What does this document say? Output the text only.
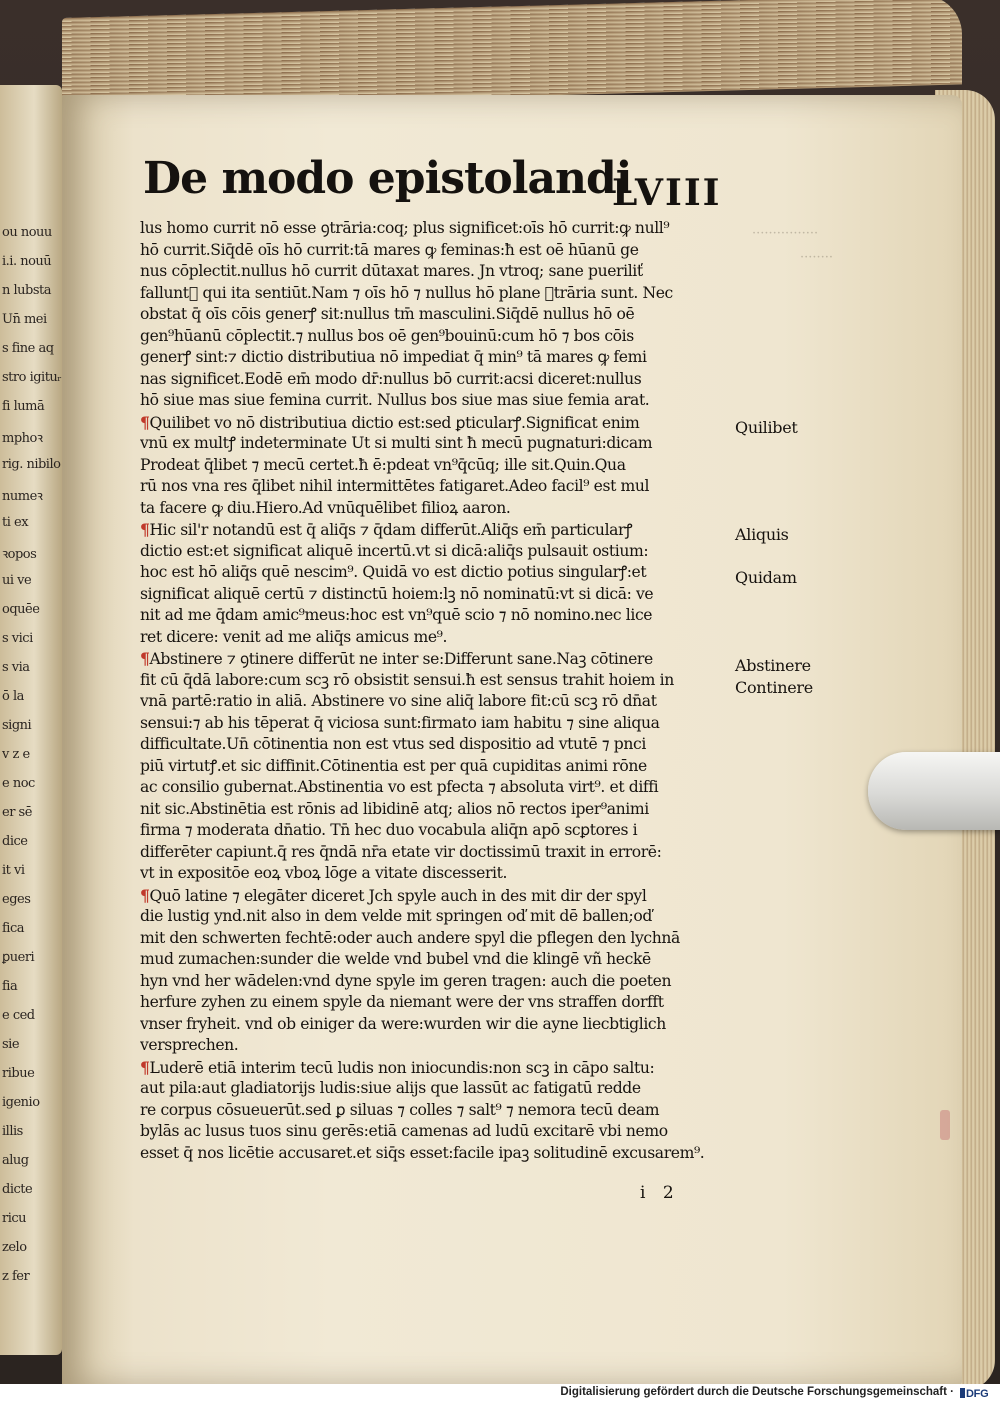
ou nouu
i.i. nouū
n lubsta
Un̄ mei
s fine aq
stro igituᵣ
fi lumā
mphoꝛ
rig. nibilo
numeꝛ
ti ex
ꝛopos
ui ve
oquēe
s vici
s via
ō la
signi
v z e
e noc
er sē
dice
it vi
eges
fica
ꝑueri
fia
e ced
sie
ribue
igenio
illis
alug
dicte
ricu
zelo
z fer
················
········
De modo epistolandi
LVIII
lus homo currit nō esse ꝯtrāria:coq; plus significet:oīs hō currit:ꝙ null⁹
hō currit.Siq̄dē oīs hō currit:tā mares ꝙ feminas:ħ est oē hūanū ge
nus cōplectit.nullus hō currit dūtaxat mares. Jn vtroq; sane pueriliť
falluntᷓ qui ita sentiūt.Nam ⁊ oīs hō ⁊ nullus hō plane ꝯtrāria sunt. Nec
obstat q̄ oīs cōis generꝭ sit:nullus tm̄ masculini.Siq̄dē nullus hō oē
gen⁹hūanū cōplectit.⁊ nullus bos oē gen⁹bouinū:cum hō ⁊ bos cōis
generꝭ sint:⁊ dictio distributiua nō impediat q̄ min⁹ tā mares ꝙ femi
nas significet.Eodē em̄ modo dr̄:nullus bō currit:acsi diceret:nullus
hō siue mas siue femina currit. Nullus bos siue mas siue femia arat.
¶Quilibet vo nō distributiua dictio est:sed ꝑticularꝭ.Significat enim
vnū ex multꝭ indeterminate Ut si multi sint ħ mecū pugnaturi:dicam
Prodeat q̄libet ⁊ mecū certet.ħ ē:pdeat vn⁹q̄cūq; ille sit.Quin.Qua
rū nos vna res q̄libet nihil intermittētes fatigaret.Adeo facil⁹ est mul
ta facere ꝙ diu.Hiero.Ad vnūquēlibet filioꝝ aaron.
¶Hic sil'r notandū est q̄ aliq̄s ⁊ q̄dam differūt.Aliq̄s em̄ particularꝭ
dictio est:et significat aliquē incertū.vt si dicā:aliq̄s pulsauit ostium:
hoc est hō aliq̄s quē nescim⁹. Quidā vo est dictio potius singularꝭ:et
significat aliquē certū ⁊ distinctū hoiem:lꝫ nō nominatū:vt si dicā: ve
nit ad me q̄dam amic⁹meus:hoc est vn⁹quē scio ⁊ nō nomino.nec lice
ret dicere: venit ad me aliq̄s amicus me⁹.
¶Abstinere ⁊ ꝯtinere differūt ne inter se:Differunt sane.Naꝫ cōtinere
fit cū q̄dā labore:cum scꝫ rō obsistit sensui.ħ est sensus trahit hoiem in
vnā partē:ratio in aliā. Abstinere vo sine aliq̄ labore fit:cū scꝫ rō dn̄at
sensui:⁊ ab his tēperat q̄ viciosa sunt:firmato iam habitu ⁊ sine aliqua
difficultate.Un̄ cōtinentia non est vtus sed dispositio ad vtutē ⁊ pnci
piū virtutꝭ.et sic diffinit.Cōtinentia est per quā cupiditas animi rōne
ac consilio gubernat.Abstinentia vo est pfecta ⁊ absoluta virt⁹. et diffi
nit sic.Abstinētia est rōnis ad libidinē atq; alios nō rectos iper⁹animi
firma ⁊ moderata dn̄atio. Tn̄ hec duo vocabula aliq̄n apō scꝑtores i
differēter capiunt.q̄ res q̄ndā nr̄a etate vir doctissimū traxit in errorē:
vt in expositōe eoꝝ vboꝝ lōge a vitate discesserit.
¶Quō latine ⁊ elegāter diceret Jch spyle auch in des mit dir der spyl
die lustig ynd.nit also in dem velde mit springen oď mit dē ballen;oď
mit den schwerten fechtē:oder auch andere spyl die pflegen den lychnā
mud zumachen:sunder die welde vnd bubel vnd die klingē vñ heckē
hyn vnd her wādelen:vnd dyne spyle im geren tragen: auch die poeten
herfure zyhen zu einem spyle da niemant were der vns straffen dorfft
vnser fryheit. vnd ob einiger da were:wurden wir die ayne liecbtiglich
versprechen.
¶Luderē etiā interim tecū ludis non iniocundis:non scꝫ in cāpo saltu:
aut pila:aut gladiatorijs ludis:siue alijs que lassūt ac fatigatū redde
re corpus cōsueuerūt.sed ꝑ siluas ⁊ colles ⁊ salt⁹ ⁊ nemora tecū deam
bylās ac lusus tuos sinu gerēs:etiā camenas ad ludū excitarē vbi nemo
esset q̄ nos licētie accusaret.et siq̄s esset:facile ipaꝫ solitudinē excusarem⁹.
Quilibet
Aliquis
Quidam
Abstinere
Continere
i 2
Digitalisierung gefördert durch die Deutsche Forschungsgemeinschaft ·	DFG
